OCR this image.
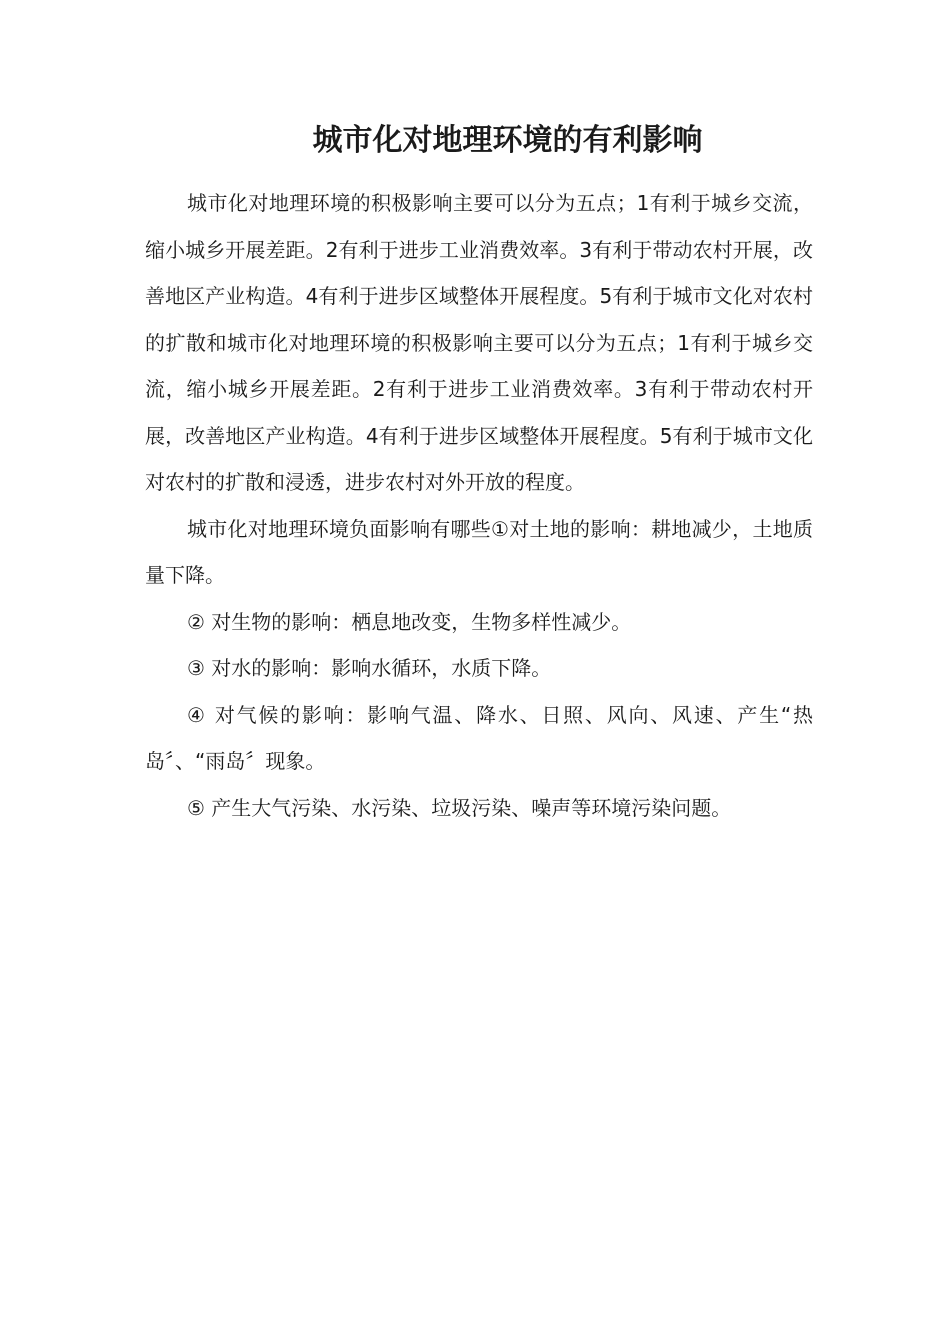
城市化对地理环境的有利影响

城市化对地理环境的积极影响主要可以分为五点；1有利于城乡交流，缩小城乡开展差距。2有利于进步工业消费效率。3有利于带动农村开展，改善地区产业构造。4有利于进步区域整体开展程度。5有利于城市文化对农村的扩散和城市化对地理环境的积极影响主要可以分为五点；1有利于城乡交流，缩小城乡开展差距。2有利于进步工业消费效率。3有利于带动农村开展，改善地区产业构造。4有利于进步区域整体开展程度。5有利于城市文化对农村的扩散和浸透，进步农村对外开放的程度。

城市化对地理环境负面影响有哪些①对土地的影响：耕地减少，土地质量下降。

② 对生物的影响：栖息地改变，生物多样性减少。

③ 对水的影响：影响水循环，水质下降。

④ 对气候的影响：影响气温、降水、日照、风向、风速、产生“热岛〞、“雨岛〞现象。

⑤ 产生大气污染、水污染、垃圾污染、噪声等环境污染问题。
